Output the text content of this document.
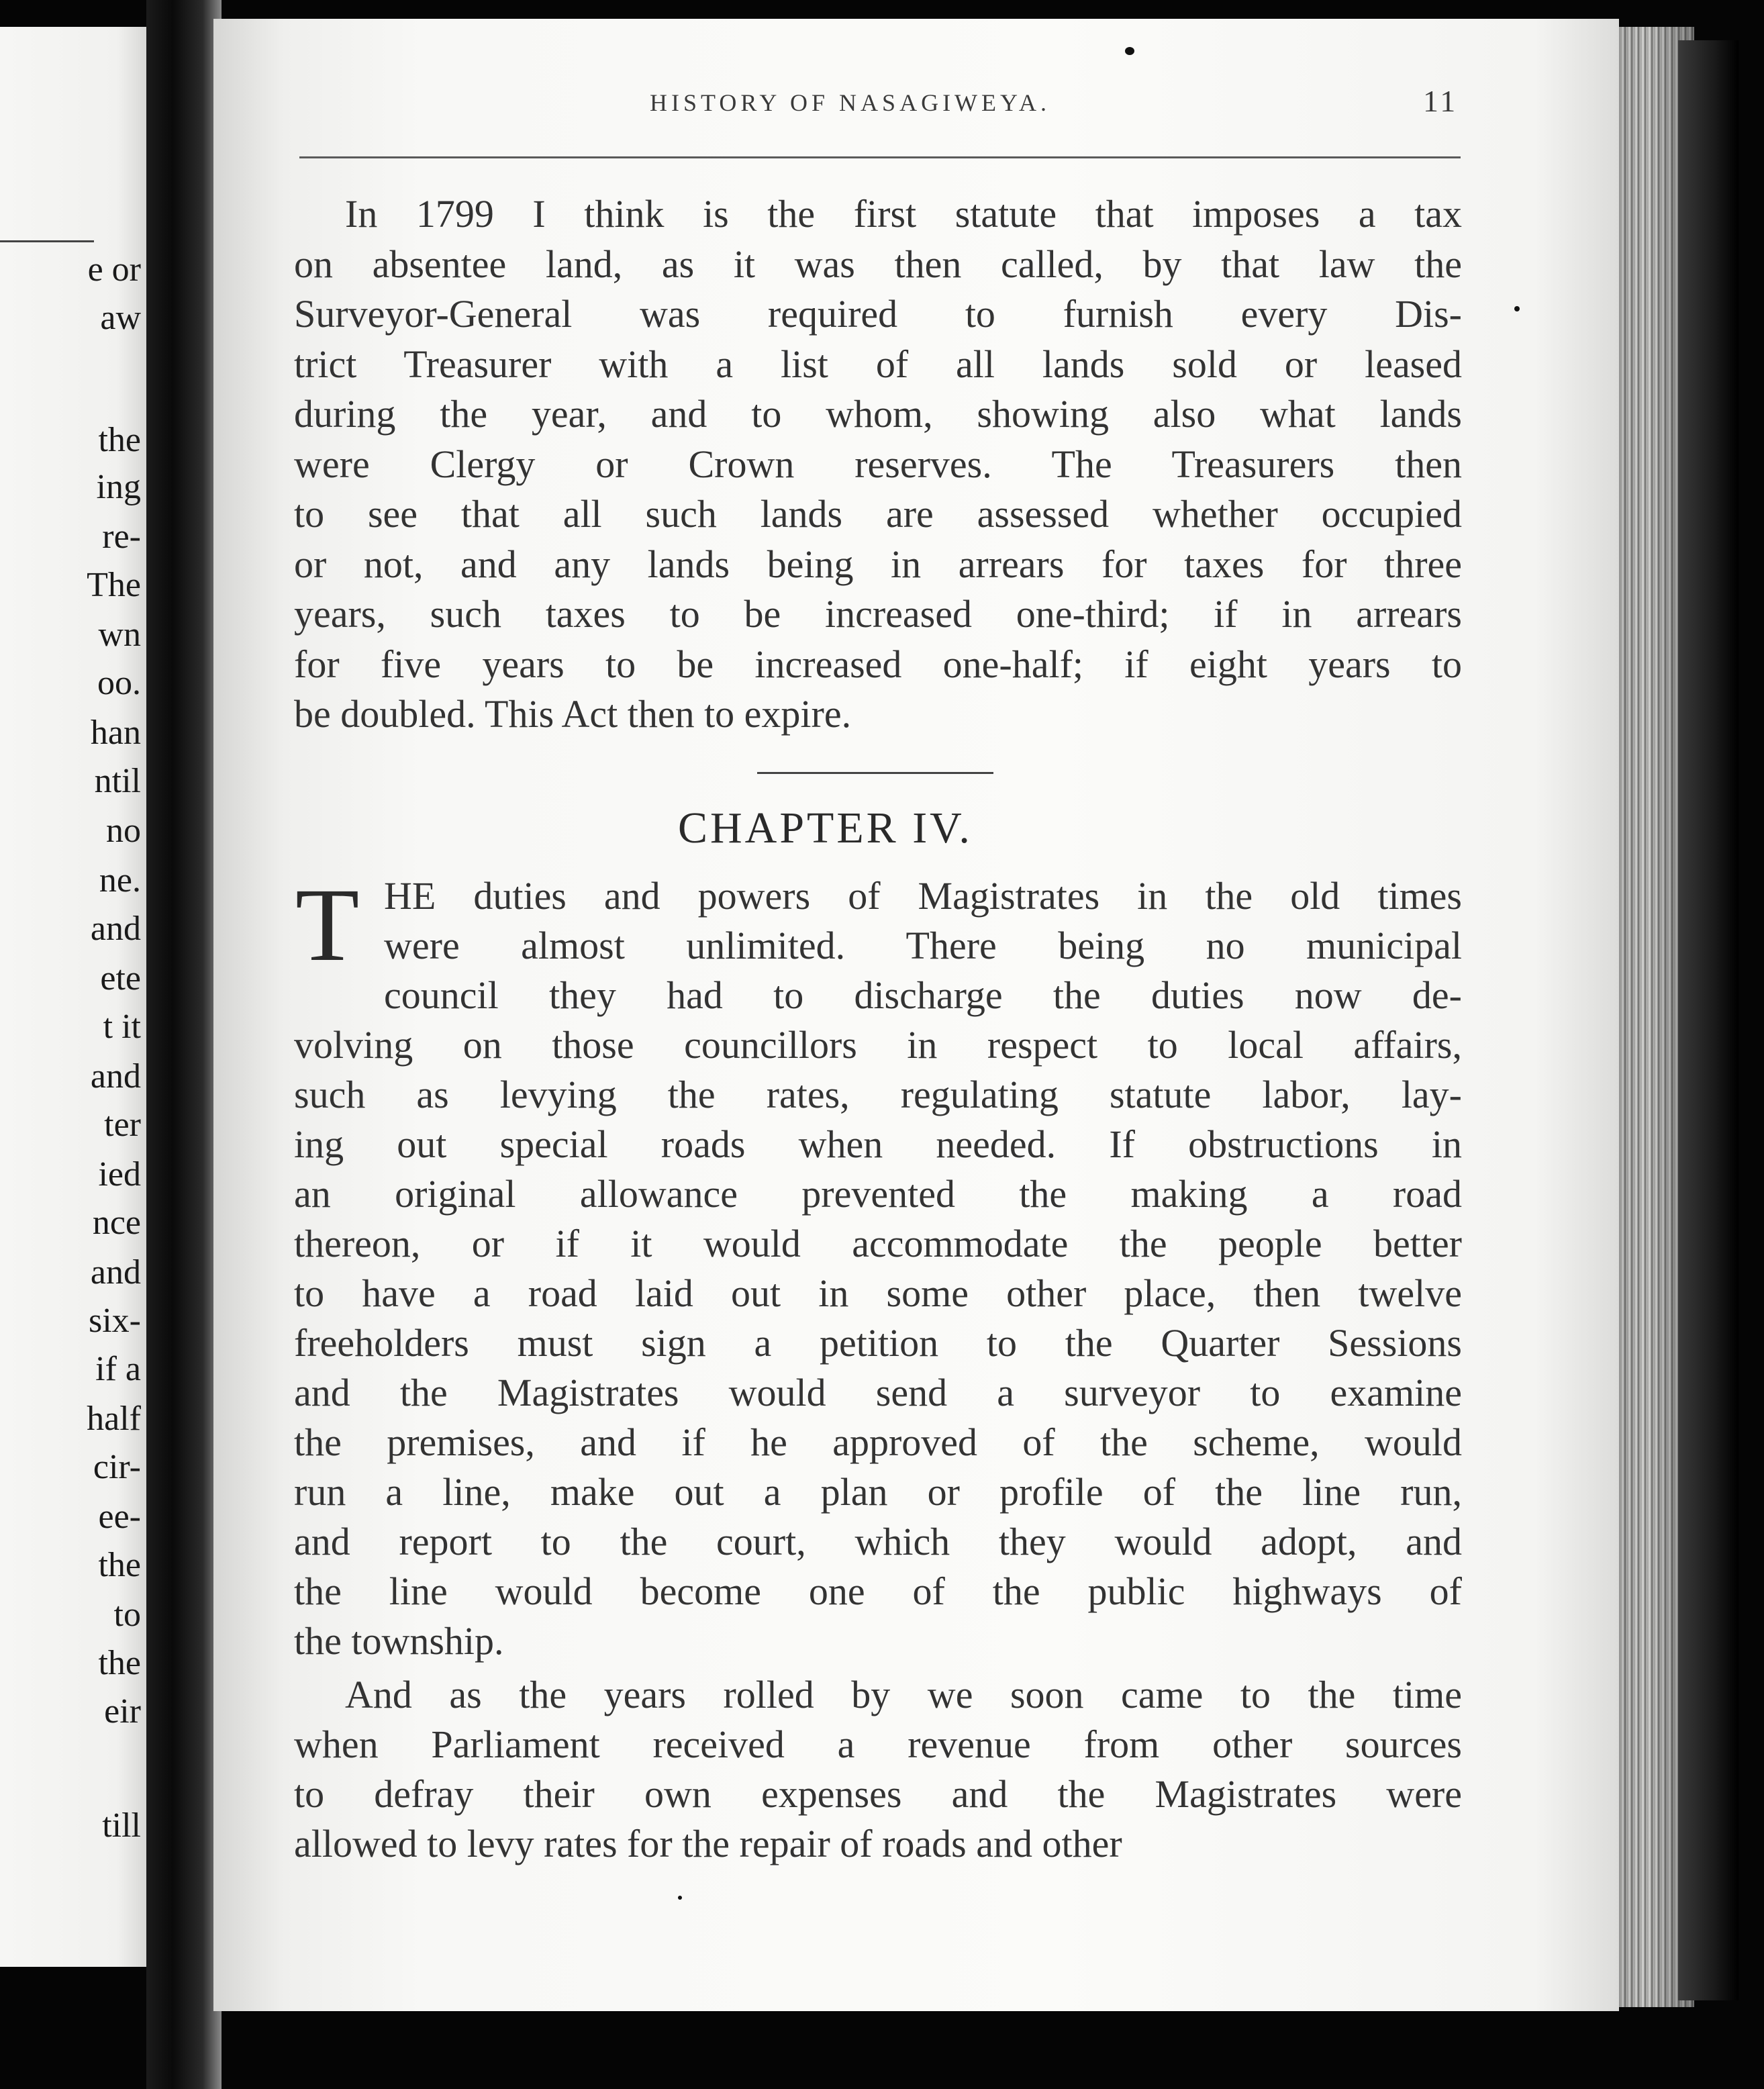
e or
aw
the
ing
re-
The
wn
oo.
han
ntil
no
ne.
and
ete
t it
and
ter
ied
nce
and
six-
if a
half
cir-
ee-
the
to
the
eir
till
HISTORY OF NASAGIWEYA.	11
In 1799 I think is the first statute that imposes a tax
on absentee land, as it was then called, by that law the
Surveyor-General was required to furnish every Dis-
trict Treasurer with a list of all lands sold or leased
during the year, and to whom, showing also what lands
were Clergy or Crown reserves. The Treasurers then
to see that all such lands are assessed whether occupied
or not, and any lands being in arrears for taxes for three
years, such taxes to be increased one-third; if in arrears
for five years to be increased one-half; if eight years to
be doubled. This Act then to expire.
CHAPTER IV.
T HE duties and powers of Magistrates in the old times
were almost unlimited. There being no municipal
council they had to discharge the duties now de-
volving on those councillors in respect to local affairs,
such as levying the rates, regulating statute labor, lay-
ing out special roads when needed. If obstructions in
an original allowance prevented the making a road
thereon, or if it would accommodate the people better
to have a road laid out in some other place, then twelve
freeholders must sign a petition to the Quarter Sessions
and the Magistrates would send a surveyor to examine
the premises, and if he approved of the scheme, would
run a line, make out a plan or profile of the line run,
and report to the court, which they would adopt, and
the line would become one of the public highways of
the township.
And as the years rolled by we soon came to the time
when Parliament received a revenue from other sources
to defray their own expenses and the Magistrates were
allowed to levy rates for the repair of roads and other
